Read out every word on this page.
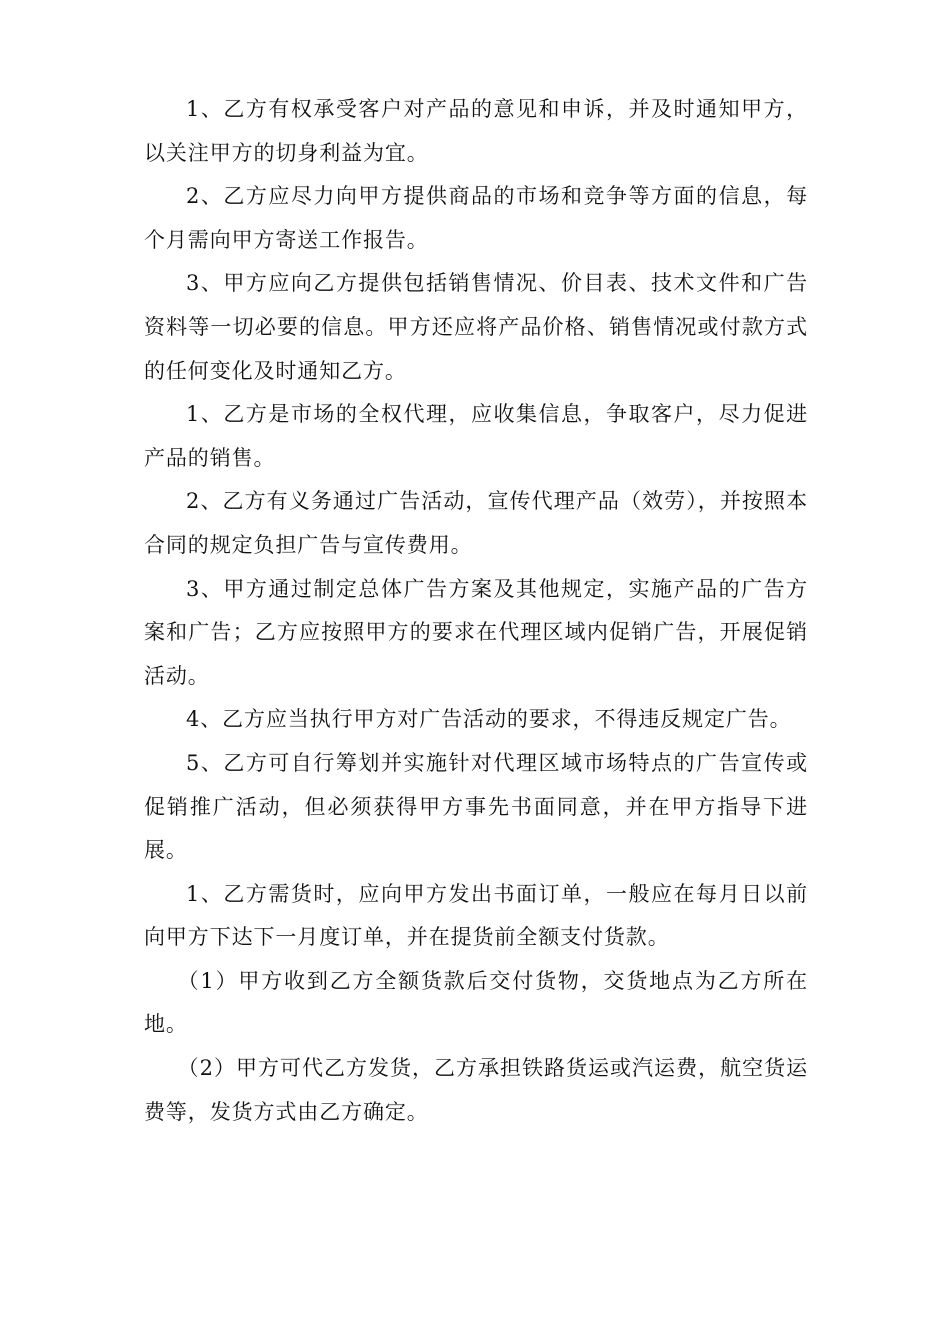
1、乙方有权承受客户对产品的意见和申诉，并及时通知甲方，以关注甲方的切身利益为宜。

2、乙方应尽力向甲方提供商品的市场和竞争等方面的信息，每个月需向甲方寄送工作报告。

3、甲方应向乙方提供包括销售情况、价目表、技术文件和广告资料等一切必要的信息。甲方还应将产品价格、销售情况或付款方式的任何变化及时通知乙方。

1、乙方是市场的全权代理，应收集信息，争取客户，尽力促进产品的销售。

2、乙方有义务通过广告活动，宣传代理产品（效劳），并按照本合同的规定负担广告与宣传费用。

3、甲方通过制定总体广告方案及其他规定，实施产品的广告方案和广告；乙方应按照甲方的要求在代理区域内促销广告，开展促销活动。

4、乙方应当执行甲方对广告活动的要求，不得违反规定广告。

5、乙方可自行筹划并实施针对代理区域市场特点的广告宣传或促销推广活动，但必须获得甲方事先书面同意，并在甲方指导下进展。

1、乙方需货时，应向甲方发出书面订单，一般应在每月日以前向甲方下达下一月度订单，并在提货前全额支付货款。

（1）甲方收到乙方全额货款后交付货物，交货地点为乙方所在地。

（2）甲方可代乙方发货，乙方承担铁路货运或汽运费，航空货运费等，发货方式由乙方确定。
